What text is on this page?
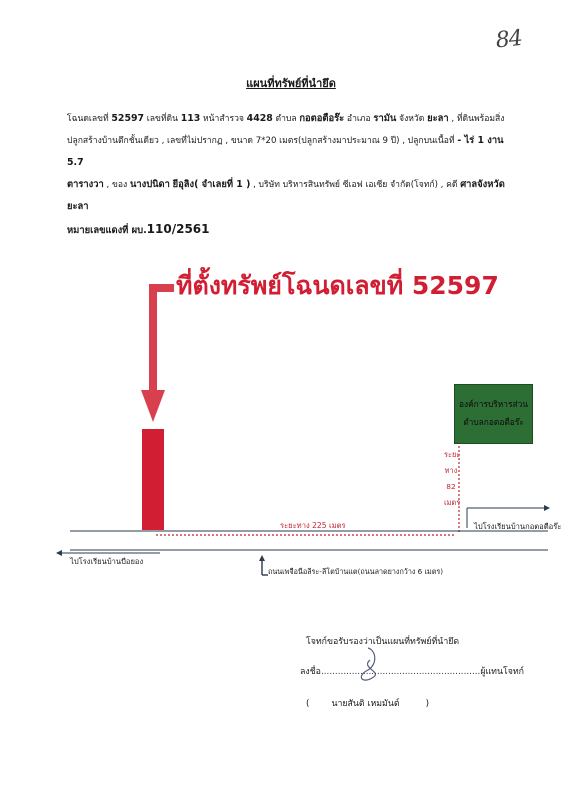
84
แผนที่ทรัพย์ที่นำยึด
โฉนดเลขที่ 52597 เลขที่ดิน 113 หน้าสำรวจ 4428 ตำบล กอตอตือร๊ะ อำเภอ รามัน จังหวัด ยะลา , ที่ดินพร้อมสิ่งปลูกสร้างบ้านตึกชั้นเดียว , เลขที่ไม่ปรากฏ , ขนาด 7*20 เมตร(ปลูกสร้างมาประมาณ 9 ปี) , ปลูกบนเนื้อที่ - ไร่ 1 งาน 5.7
ตารางวา , ของ นางปนิดา ยีอุลิง( จำเลยที่ 1 ) , บริษัท บริหารสินทรัพย์ ซีเอฟ เอเซีย จำกัด(โจทก์) , คดี ศาลจังหวัดยะลา
หมายเลขแดงที่ ผบ.110/2561
ที่ตั้งทรัพย์โฉนดเลขที่ 52597
องค์การบริหารส่วน
ตำบลกอตอตือร๊ะ
ระยะ
ทาง
82
เมตร
ระยะทาง 225 เมตร	ไปโรงเรียนบ้านกอตอตือร๊ะ
ไปโรงเรียนบ้านบือยอง
ถนนเพจือนือลีระ-ลีโตบ้านแต(ถนนลาดยางกว้าง 6 เมตร)
โจทก์ขอรับรองว่าเป็นแผนที่ทรัพย์ที่นำยึด
ลงชื่อ.........................................................ผู้แทนโจทก์
(	นายสันติ เหมมันต์	)
